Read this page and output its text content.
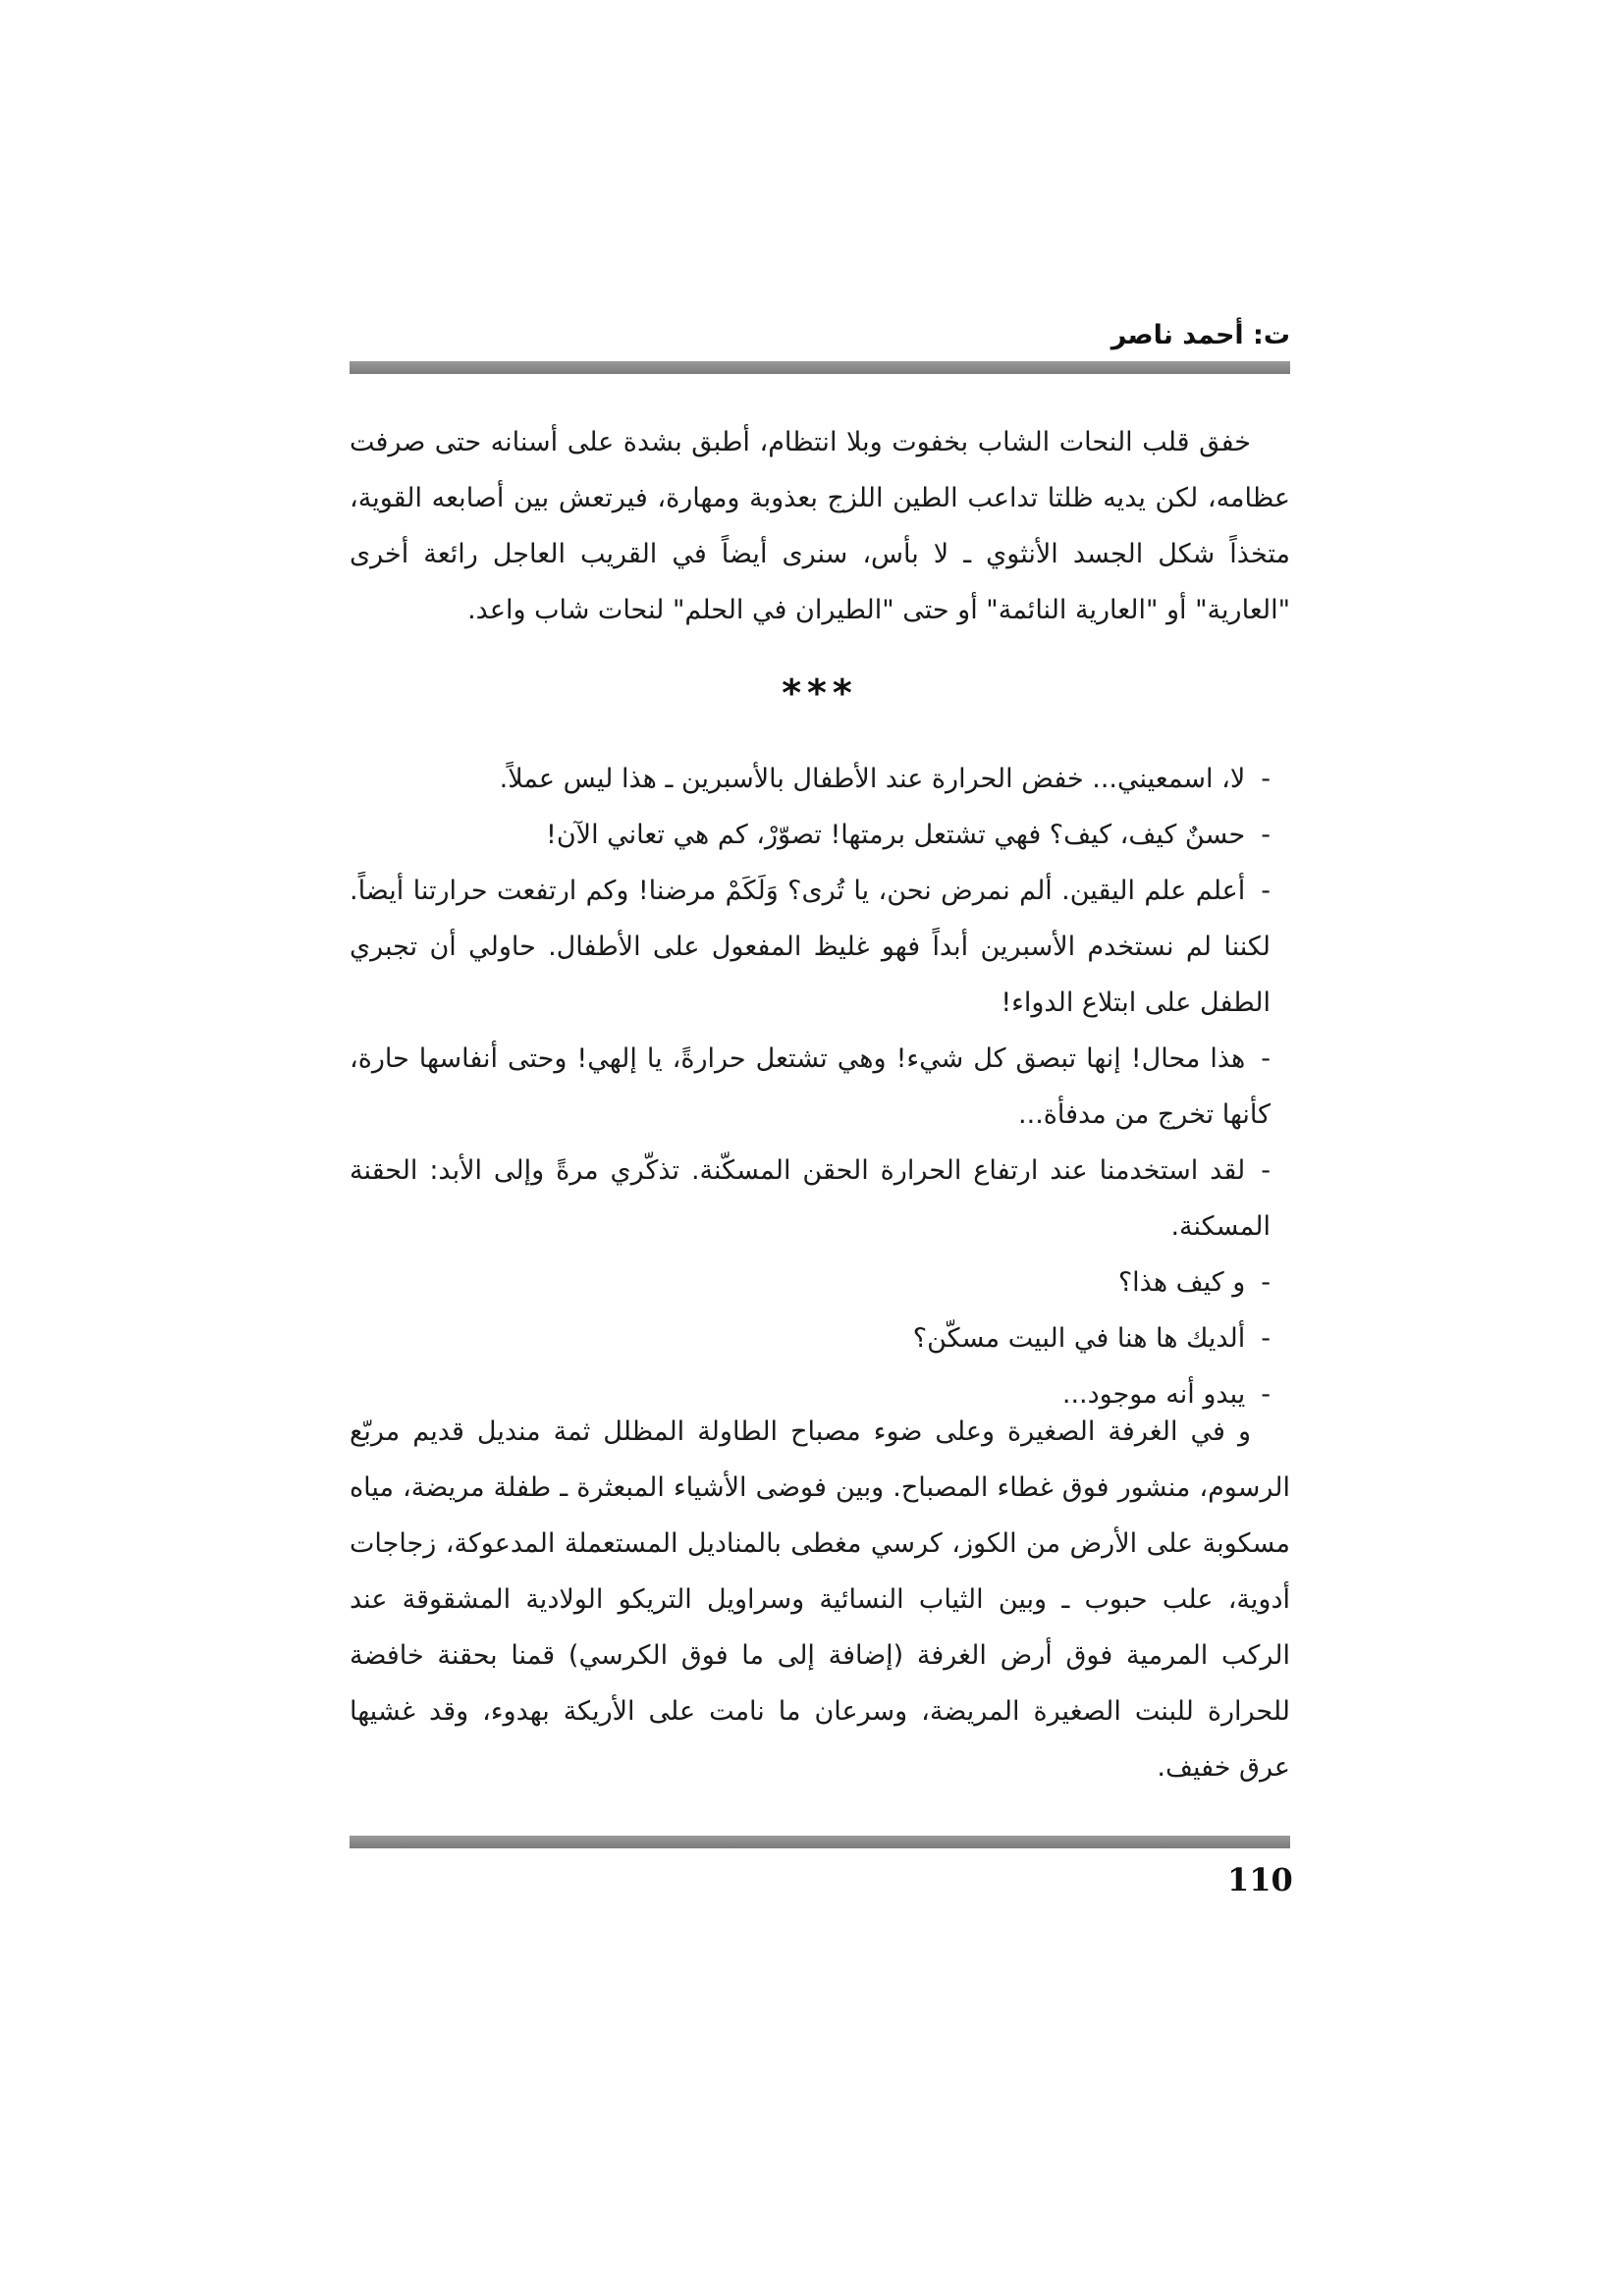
ت: أحمد ناصر

خفق قلب النحات الشاب بخفوت وبلا انتظام، أطبق بشدة على أسنانه حتى صرفت عظامه، لكن يديه ظلتا تداعب الطين اللزج بعذوبة ومهارة، فيرتعش بين أصابعه القوية، متخذاً شكل الجسد الأنثوي ـ لا بأس، سنرى أيضاً في القريب العاجل رائعة أخرى "العارية" أو "العارية النائمة" أو حتى "الطيران في الحلم" لنحات شاب واعد.

***

-لا، اسمعيني... خفض الحرارة عند الأطفال بالأسبرين ـ هذا ليس عملاً.

-حسنٌ كيف، كيف؟ فهي تشتعل برمتها! تصوّرْ، كم هي تعاني الآن!

-أعلم علم اليقين. ألم نمرض نحن، يا تُرى؟ وَلَكَمْ مرضنا! وكم ارتفعت حرارتنا أيضاً. لكننا لم نستخدم الأسبرين أبداً فهو غليظ المفعول على الأطفال. حاولي أن تجبري الطفل على ابتلاع الدواء!

-هذا محال! إنها تبصق كل شيء! وهي تشتعل حرارةً، يا إلهي! وحتى أنفاسها حارة، كأنها تخرج من مدفأة...

-لقد استخدمنا عند ارتفاع الحرارة الحقن المسكّنة. تذكّري مرةً وإلى الأبد: الحقنة المسكنة.

-و كيف هذا؟

-ألديك ها هنا في البيت مسكّن؟

-يبدو أنه موجود...

و في الغرفة الصغيرة وعلى ضوء مصباح الطاولة المظلل ثمة منديل قديم مربّع الرسوم، منشور فوق غطاء المصباح. وبين فوضى الأشياء المبعثرة ـ طفلة مريضة، مياه مسكوبة على الأرض من الكوز، كرسي مغطى بالمناديل المستعملة المدعوكة، زجاجات أدوية، علب حبوب ـ وبين الثياب النسائية وسراويل التريكو الولادية المشقوقة عند الركب المرمية فوق أرض الغرفة (إضافة إلى ما فوق الكرسي) قمنا بحقنة خافضة للحرارة للبنت الصغيرة المريضة، وسرعان ما نامت على الأريكة بهدوء، وقد غشيها عرق خفيف.

110
